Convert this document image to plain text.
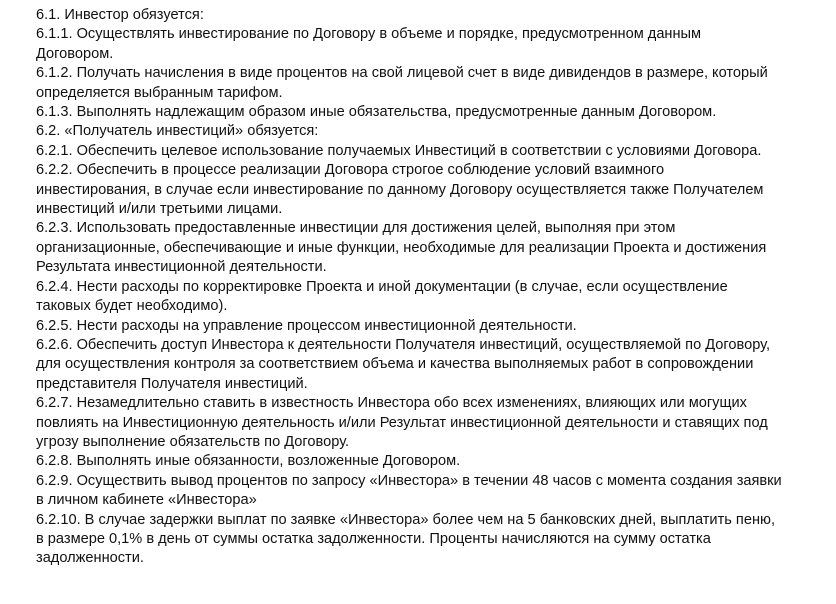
6.1. Инвестор обязуется:
6.1.1. Осуществлять инвестирование по Договору в объеме и порядке, предусмотренном данным
Договором.
6.1.2. Получать начисления в виде процентов на свой лицевой счет в виде дивидендов в размере, который
определяется выбранным тарифом.
6.1.3. Выполнять надлежащим образом иные обязательства, предусмотренные данным Договором.
6.2. «Получатель инвестиций» обязуется:
6.2.1. Обеспечить целевое использование получаемых Инвестиций в соответствии с условиями Договора.
6.2.2. Обеспечить в процессе реализации Договора строгое соблюдение условий взаимного
инвестирования, в случае если инвестирование по данному Договору осуществляется также Получателем
инвестиций и/или третьими лицами.
6.2.3. Использовать предоставленные инвестиции для достижения целей, выполняя при этом
организационные, обеспечивающие и иные функции, необходимые для реализации Проекта и достижения
Результата инвестиционной деятельности.
6.2.4. Нести расходы по корректировке Проекта и иной документации (в случае, если осуществление
таковых будет необходимо).
6.2.5. Нести расходы на управление процессом инвестиционной деятельности.
6.2.6. Обеспечить доступ Инвестора к деятельности Получателя инвестиций, осуществляемой по Договору,
для осуществления контроля за соответствием объема и качества выполняемых работ в сопровождении
представителя Получателя инвестиций.
6.2.7. Незамедлительно ставить в известность Инвестора обо всех изменениях, влияющих или могущих
повлиять на Инвестиционную деятельность и/или Результат инвестиционной деятельности и ставящих под
угрозу выполнение обязательств по Договору.
6.2.8. Выполнять иные обязанности, возложенные Договором.
6.2.9. Осуществить вывод процентов по запросу «Инвестора» в течении 48 часов с момента создания заявки
в личном кабинете «Инвестора»
6.2.10. В случае задержки выплат по заявке «Инвестора» более чем на 5 банковских дней, выплатить пеню,
в размере 0,1% в день от суммы остатка задолженности. Проценты начисляются на сумму остатка
задолженности.
